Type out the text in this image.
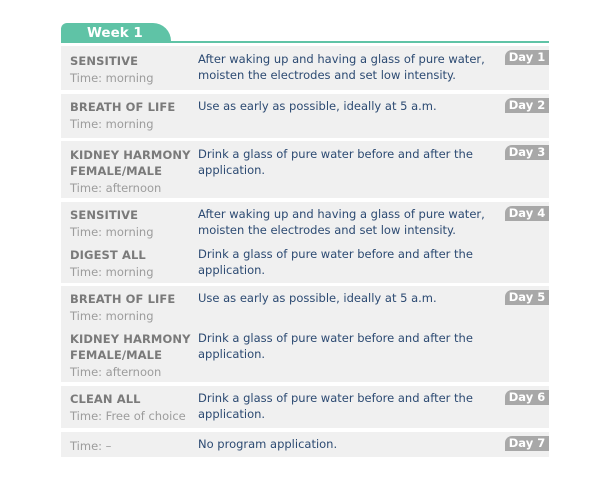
Week 1
Day 1
SENSITIVE
Time: morning
After waking up and having a glass of pure water,
moisten the electrodes and set low intensity.
Day 2
BREATH OF LIFE
Time: morning
Use as early as possible, ideally at 5 a.m.
Day 3
KIDNEY HARMONY
FEMALE/MALE
Time: afternoon
Drink a glass of pure water before and after the
application.
Day 4
SENSITIVE
Time: morning
After waking up and having a glass of pure water,
moisten the electrodes and set low intensity.
DIGEST ALL
Time: morning
Drink a glass of pure water before and after the
application.
Day 5
BREATH OF LIFE
Time: morning
Use as early as possible, ideally at 5 a.m.
KIDNEY HARMONY
FEMALE/MALE
Time: afternoon
Drink a glass of pure water before and after the
application.
Day 6
CLEAN ALL
Time: Free of choice
Drink a glass of pure water before and after the
application.
Day 7
Time: –	No program application.
